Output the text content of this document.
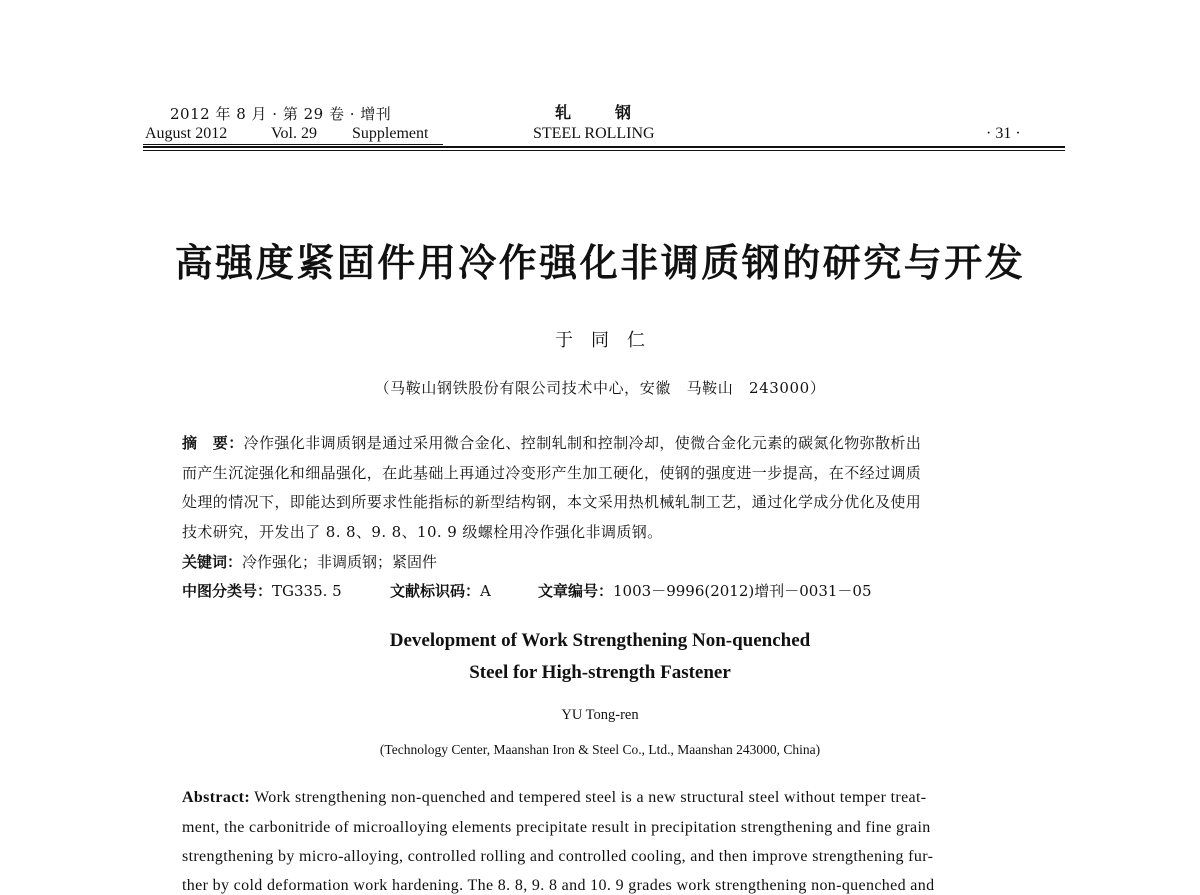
2012 年 8 月 · 第 29 卷 · 增刊
August 2012	Vol. 29 Supplement
轧钢
STEEL ROLLING	· 31 ·
高强度紧固件用冷作强化非调质钢的研究与开发
于同仁
（马鞍山钢铁股份有限公司技术中心，安徽　马鞍山　243000）
摘　要：冷作强化非调质钢是通过采用微合金化、控制轧制和控制冷却，使微合金化元素的碳氮化物弥散析出
而产生沉淀强化和细晶强化，在此基础上再通过冷变形产生加工硬化，使钢的强度进一步提高，在不经过调质
处理的情况下，即能达到所要求性能指标的新型结构钢，本文采用热机械轧制工艺，通过化学成分优化及使用
技术研究，开发出了 8. 8、9. 8、10. 9 级螺栓用冷作强化非调质钢。
关键词：冷作强化；非调质钢；紧固件
中图分类号：TG335. 5	文献标识码：A	文章编号：1003－9996(2012)增刊－0031－05
Development of Work Strengthening Non-quenched
Steel for High-strength Fastener
YU Tong-ren
(Technology Center, Maanshan Iron & Steel Co., Ltd., Maanshan 243000, China)
Abstract: Work strengthening non-quenched and tempered steel is a new structural steel without temper treat-
ment, the carbonitride of microalloying elements precipitate result in precipitation strengthening and fine grain
strengthening by micro-alloying, controlled rolling and controlled cooling, and then improve strengthening fur-
ther by cold deformation work hardening. The 8. 8, 9. 8 and 10. 9 grades work strengthening non-quenched and
